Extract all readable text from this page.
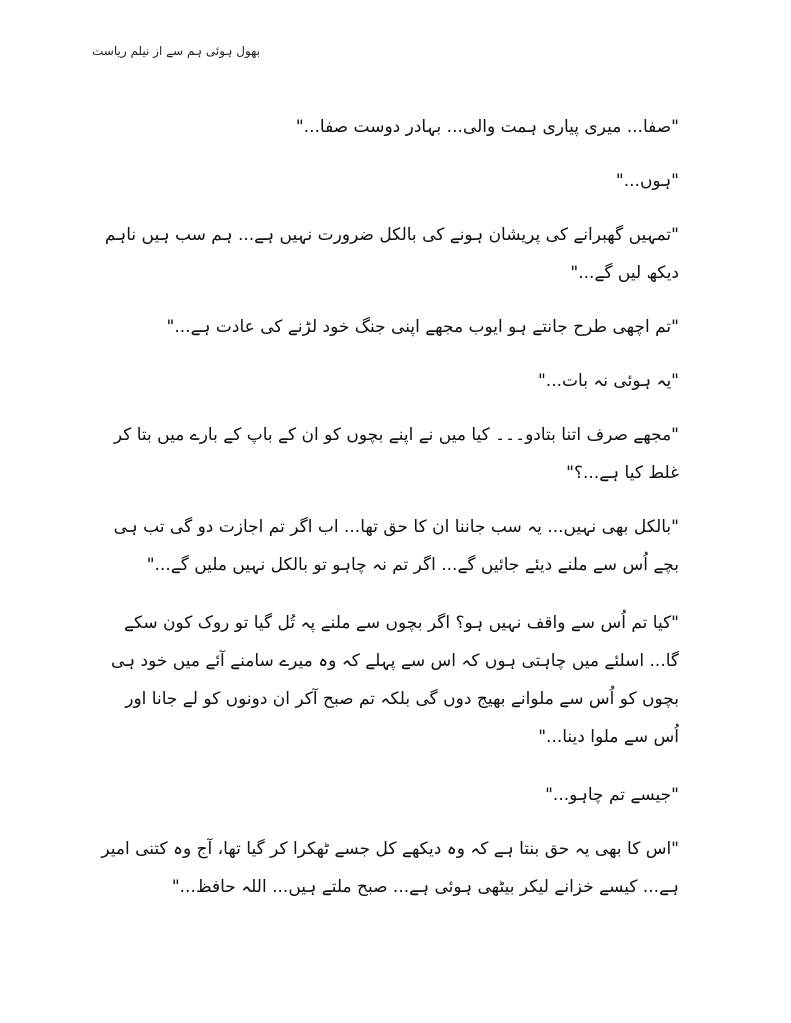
بھول ہوئی ہم سے از نیلم ریاست

"صفا... میری پیاری ہمت والی... بہادر دوست صفا..."

"ہوں..."

"تمہیں گھبرانے کی پریشان ہونے کی بالکل ضرورت نہیں ہے... ہم سب ہیں ناہم دیکھ لیں گے..."

"تم اچھی طرح جانتے ہو ایوب مجھے اپنی جنگ خود لڑنے کی عادت ہے..."

"یہ ہوئی نہ بات..."

"مجھے صرف اتنا بتادو۔۔۔ کیا میں نے اپنے بچوں کو ان کے باپ کے بارے میں بتا کر غلط کیا ہے...؟"

"بالکل بھی نہیں... یہ سب جاننا ان کا حق تھا... اب اگر تم اجازت دو گی تب ہی بچے اُس سے ملنے دیئے جائیں گے... اگر تم نہ چاہو تو بالکل نہیں ملیں گے..."

"کیا تم اُس سے واقف نہیں ہو؟ اگر بچوں سے ملنے پہ تُل گیا تو روک کون سکے گا... اسلئے میں چاہتی ہوں کہ اس سے پہلے کہ وہ میرے سامنے آئے میں خود ہی بچوں کو اُس سے ملوانے بھیج دوں گی بلکہ تم صبح آکر ان دونوں کو لے جانا اور اُس سے ملوا دینا..."

"جیسے تم چاہو..."

"اس کا بھی یہ حق بنتا ہے کہ وہ دیکھے کل جسے ٹھکرا کر گیا تھا، آج وہ کتنی امیر ہے... کیسے خزانے لیکر بیٹھی ہوئی ہے... صبح ملتے ہیں... اللہ حافظ..."
